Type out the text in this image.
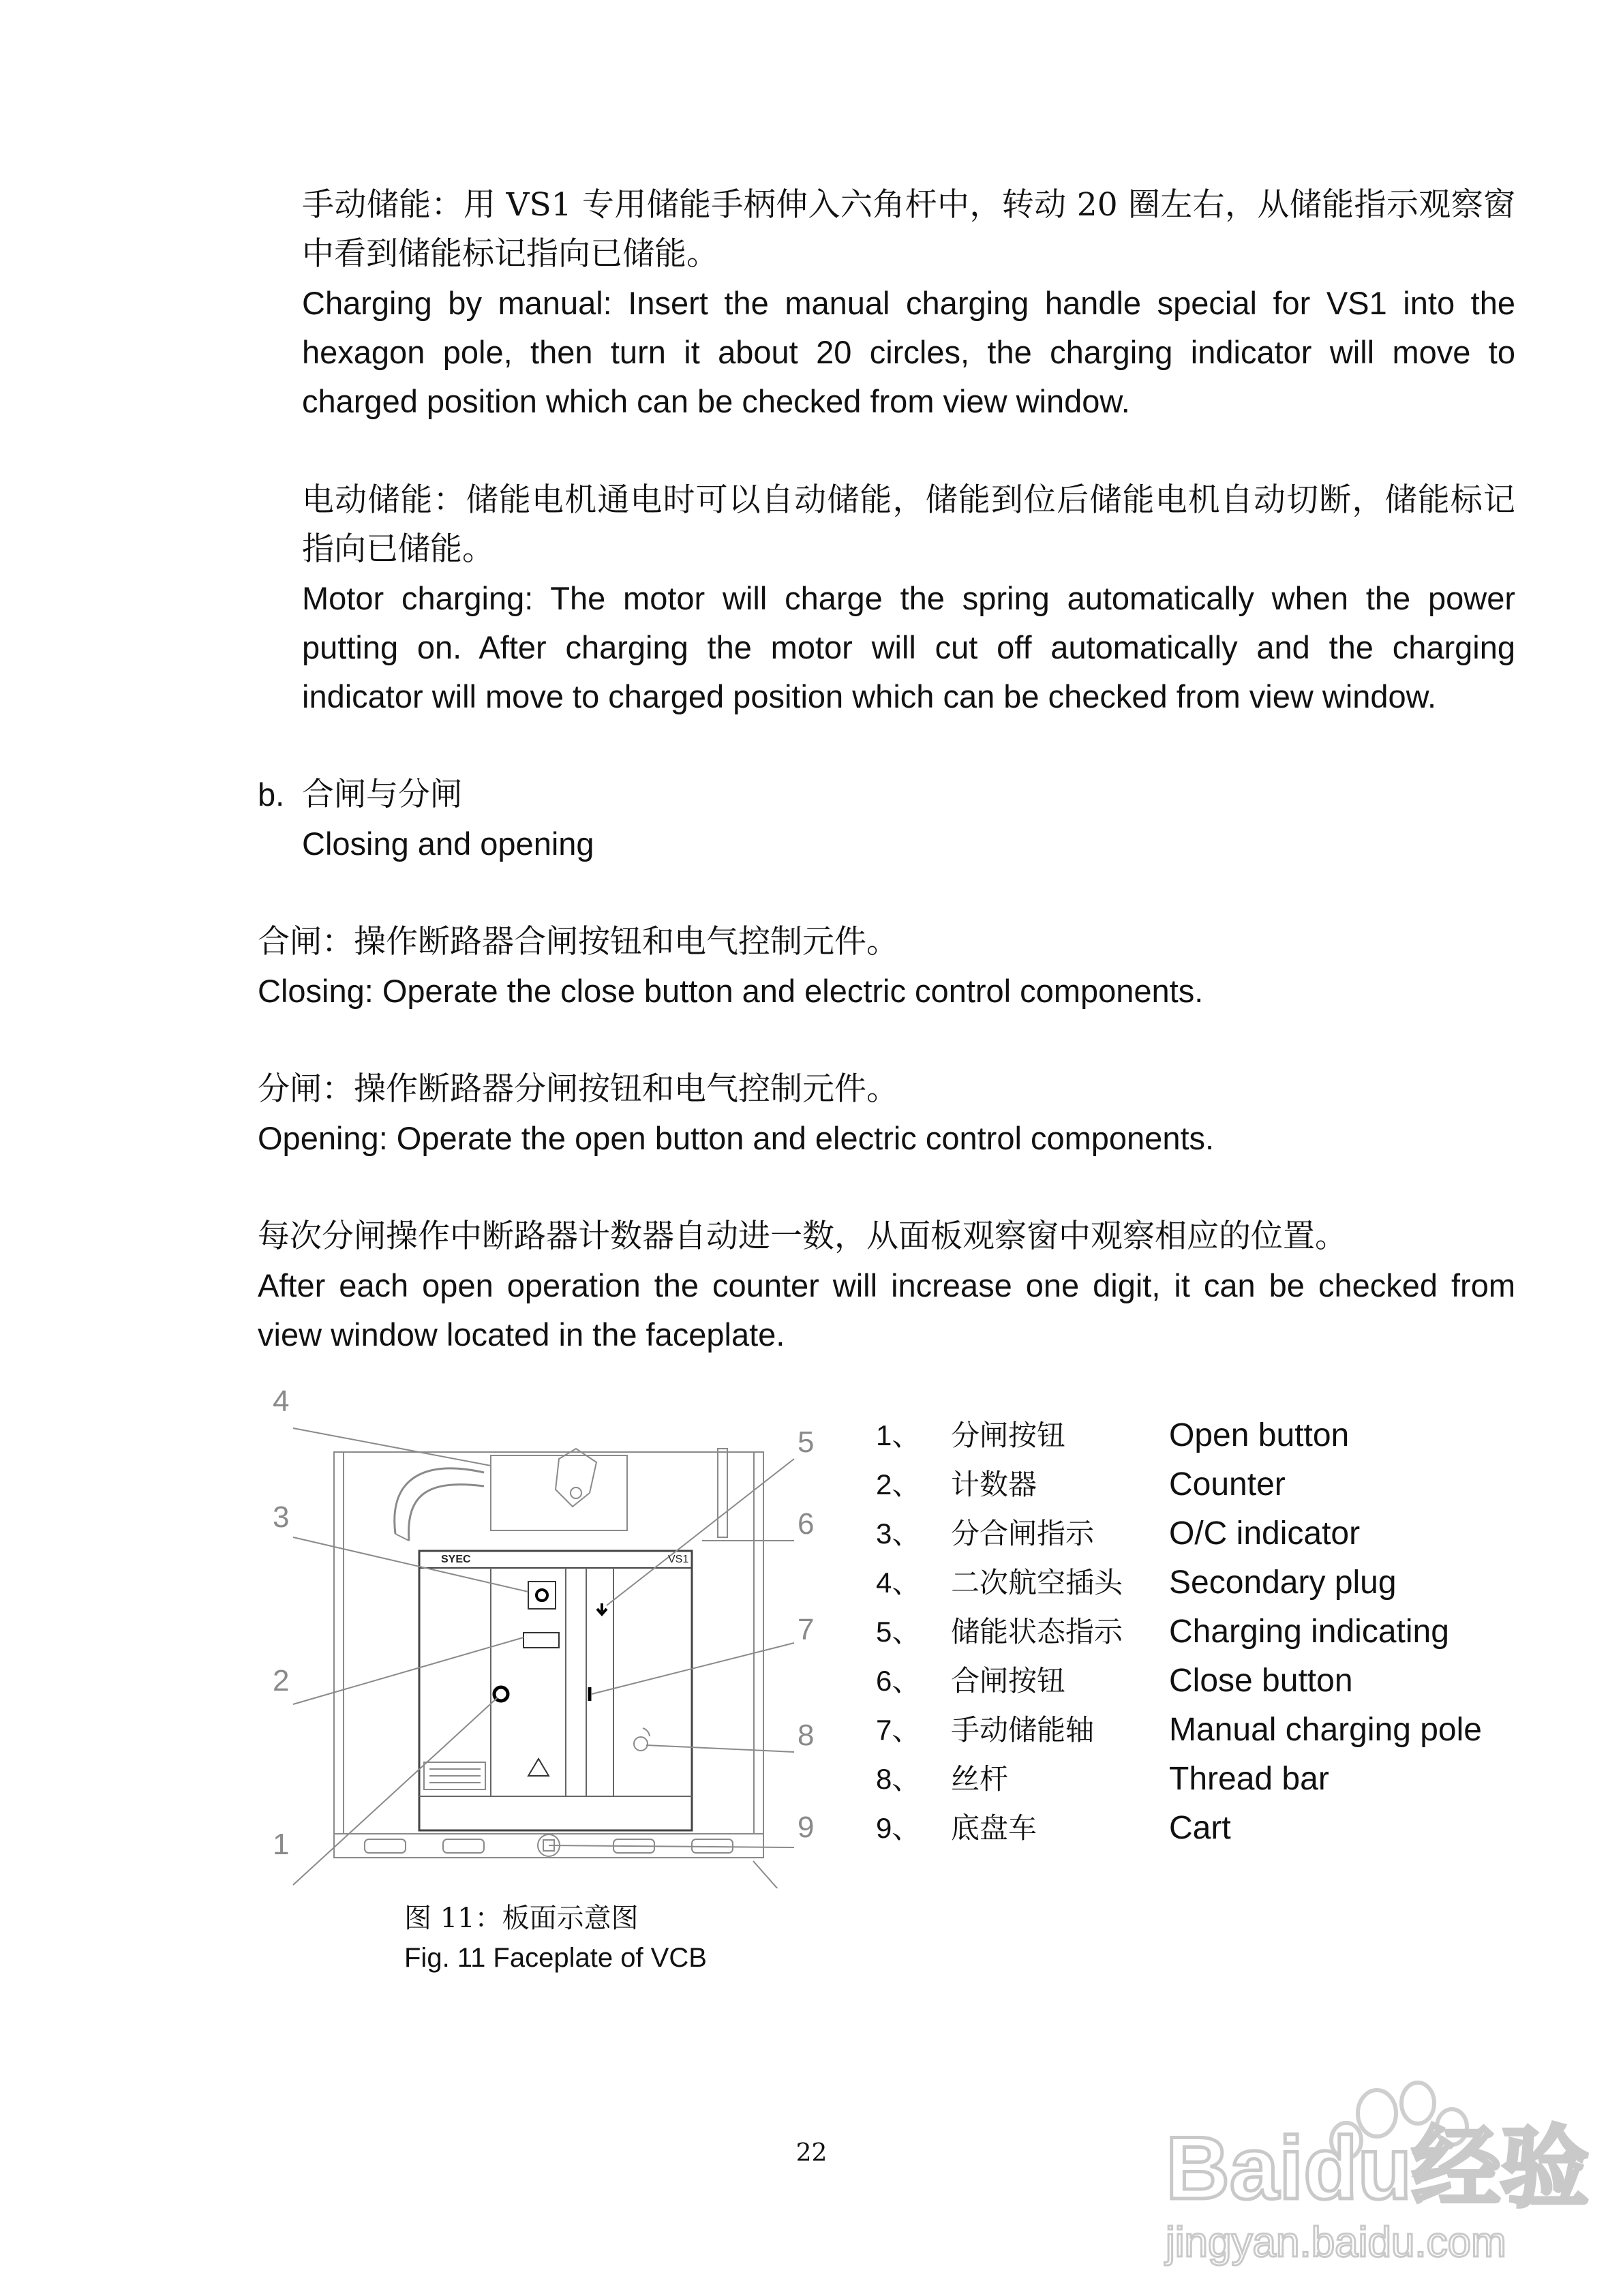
手动储能：用 VS1 专用储能手柄伸入六角杆中，转动 20 圈左右，从储能指示观察窗中看到储能标记指向已储能。
Charging by manual: Insert the manual charging handle special for VS1 into the hexagon pole, then turn it about 20 circles, the charging indicator will move to charged position which can be checked from view window.
电动储能：储能电机通电时可以自动储能，储能到位后储能电机自动切断，储能标记指向已储能。
Motor charging: The motor will charge the spring automatically when the power putting on. After charging the motor will cut off automatically and the charging indicator will move to charged position which can be checked from view window.
b. 合闸与分闸
Closing and opening
合闸：操作断路器合闸按钮和电气控制元件。
Closing: Operate the close button and electric control components.
分闸：操作断路器分闸按钮和电气控制元件。
Opening: Operate the open button and electric control components.
每次分闸操作中断路器计数器自动进一数，从面板观察窗中观察相应的位置。
After each open operation the counter will increase one digit, it can be checked from view window located in the faceplate.
SYEC	VS1
4
3
2
1
5
6
7
8
9
1、 分闸按钮	Open button
2、 计数器	Counter
3、 分合闸指示 O/C indicator
4、 二次航空插头 Secondary plug
5、 储能状态指示 Charging indicating
6、 合闸按钮	Close button
7、 手动储能轴 Manual charging pole
8、 丝杆	Thread bar
9、 底盘车	Cart
图 11：板面示意图
Fig. 11 Faceplate of VCB
22	Baidu经验
jingyan.baidu.com
